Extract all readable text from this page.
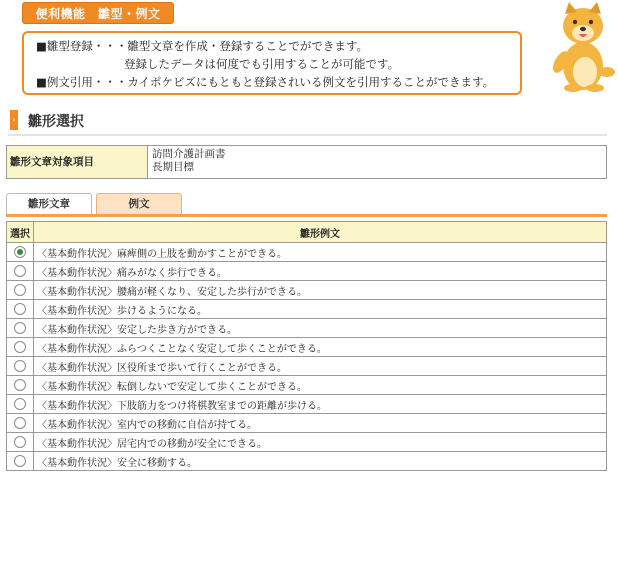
便利機能　雛型・例文
■雛型登録・・・雛型文章を作成・登録することでができます。
登録したデータは何度でも引用することが可能です。
■例文引用・・・カイポケビズにもともと登録されいる例文を引用することができます。
› 雛形選択
雛形文章対象項目
訪問介護計画書
長期目標
雛形文章	例文
選択	雛形例文
	〈基本動作状況〉麻痺側の上肢を動かすことができる。
	〈基本動作状況〉痛みがなく歩行できる。
	〈基本動作状況〉腰痛が軽くなり、安定した歩行ができる。
	〈基本動作状況〉歩けるようになる。
	〈基本動作状況〉安定した歩き方ができる。
	〈基本動作状況〉ふらつくことなく安定して歩くことができる。
	〈基本動作状況〉区役所まで歩いて行くことができる。
	〈基本動作状況〉転倒しないで安定して歩くことができる。
	〈基本動作状況〉下肢筋力をつけ将棋教室までの距離が歩ける。
	〈基本動作状況〉室内での移動に自信が持てる。
	〈基本動作状況〉居宅内での移動が安全にできる。
	〈基本動作状況〉安全に移動する。
